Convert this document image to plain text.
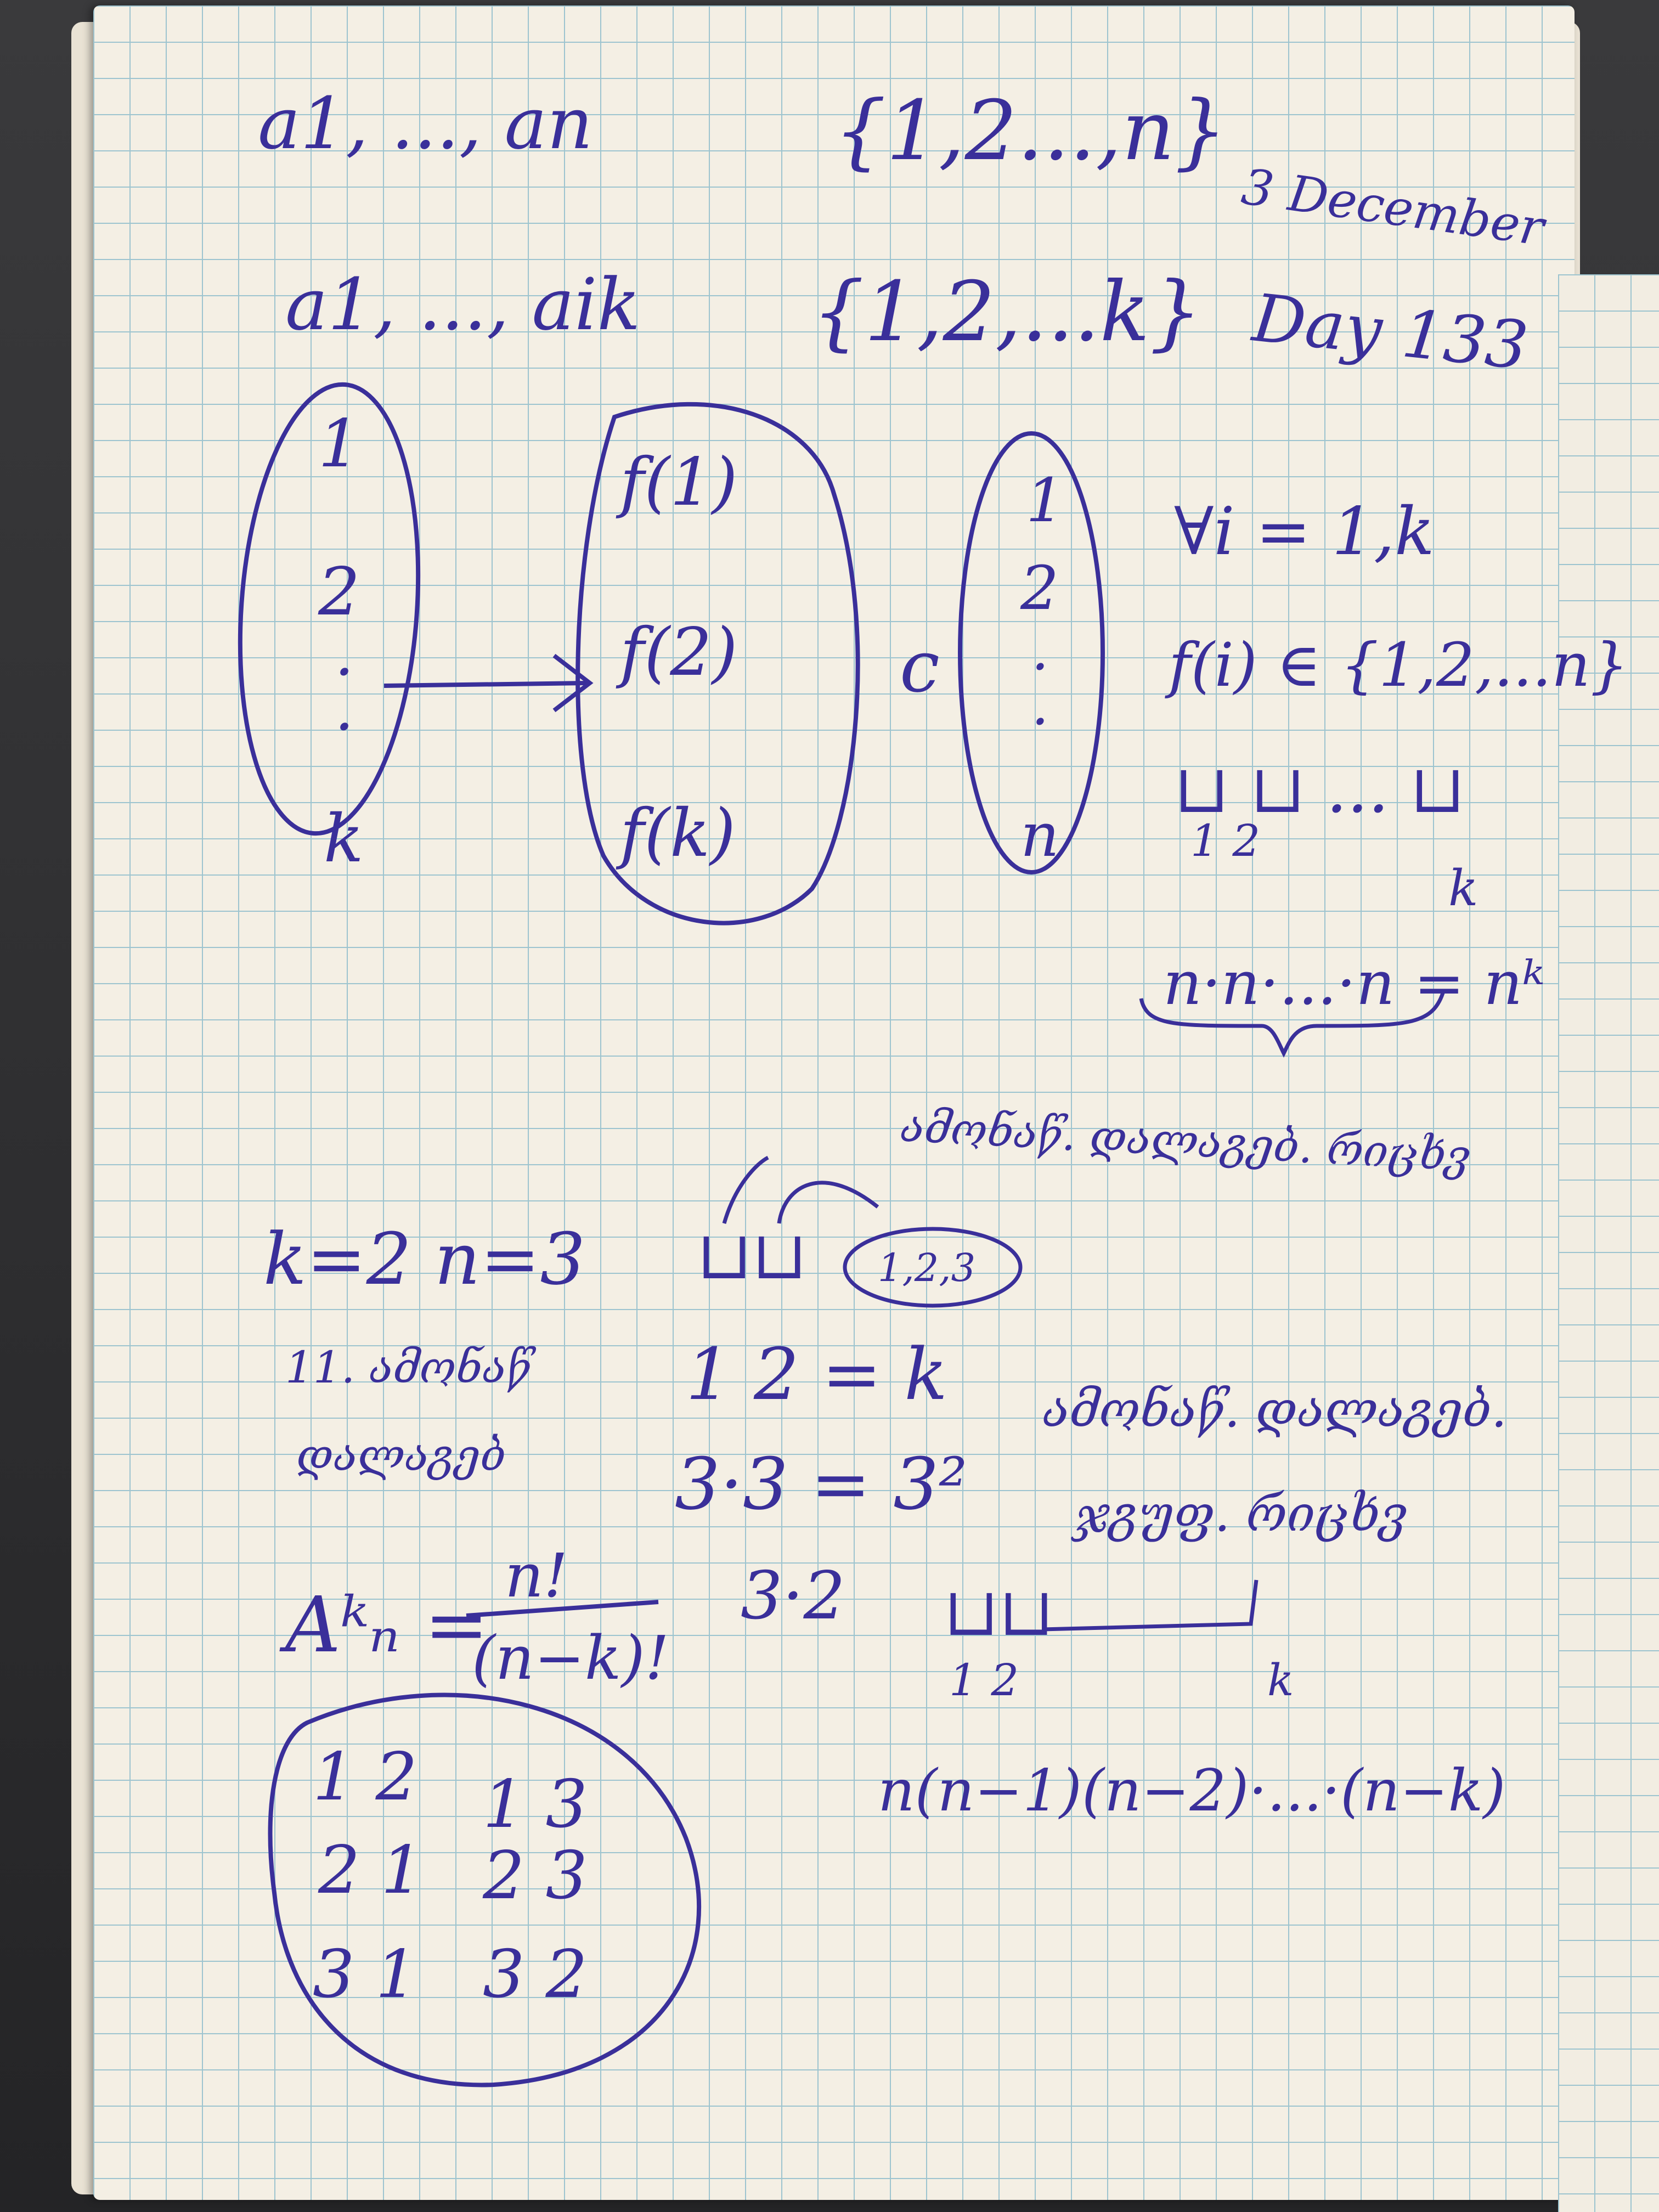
a1, ..., an	{1,2...,n}
3 December
a1, ..., aik {1,2,...k} Day 133
1
2
.
.
k
f(1)
f(2)
f(k)
c
1
2
.
.
n
∀i = 1,k
f(i) ∈ {1,2,...n}
⊔ ⊔ ... ⊔
1 2
k
n·n·...·n = nᵏ
ამონაწ. დალაგებ. რიცხვ
k=2 n=3 ⊔⊔ 1,2,3
11. ამონაწ 1 2 = k
დალაგებ 3·3 = 3²
ამონაწ. დალაგებ.
ჯგუფ. რიცხვ
Aᵏₙ =
n!
(n−k)!
3·2 ⊔⊔
1 2	k
n(n−1)(n−2)·...·(n−k)
1 2 1 3
2 1 2 3
3 1 3 2
